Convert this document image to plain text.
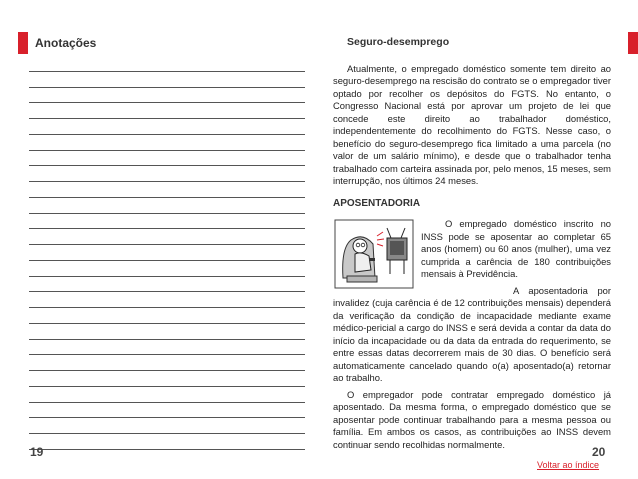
Anotações
19	20
Seguro-desemprego

Atualmente, o empregado doméstico somente tem direito ao seguro-desemprego na rescisão do contrato se o empregador tiver optado por recolher os depósitos do FGTS. No entanto, o Congresso Nacional está por aprovar um projeto de lei que concede este direito ao trabalhador doméstico, independentemente do recolhimento do FGTS. Nesse caso, o benefício do seguro-desemprego fica limitado a uma parcela (no valor de um salário mínimo), e desde que o trabalhador tenha trabalhado com carteira assinada por, pelo menos, 15 meses, sem interrupção, nos últimos 24 meses.

APOSENTADORIA

O empregado doméstico inscrito no INSS pode se aposentar ao completar 65 anos (homem) ou 60 anos (mulher), uma vez cumprida a carência de 180 contribuições mensais à Previdência.

A aposentadoria por invalidez (cuja carência é de 12 contribuições mensais) dependerá da verificação da condição de incapacidade mediante exame médico-pericial a cargo do INSS e será devida a contar da data do início da incapacidade ou da data da entrada do requerimento, se entre essas datas decorrerem mais de 30 dias. O benefício será automaticamente cancelado quando o(a) aposentado(a) retornar ao trabalho.

O empregador pode contratar empregado doméstico já aposentado. Da mesma forma, o empregado doméstico que se aposentar pode continuar trabalhando para a mesma pessoa ou família. Em ambos os casos, as contribuições ao INSS devem continuar sendo recolhidas normalmente.

Voltar ao índice
